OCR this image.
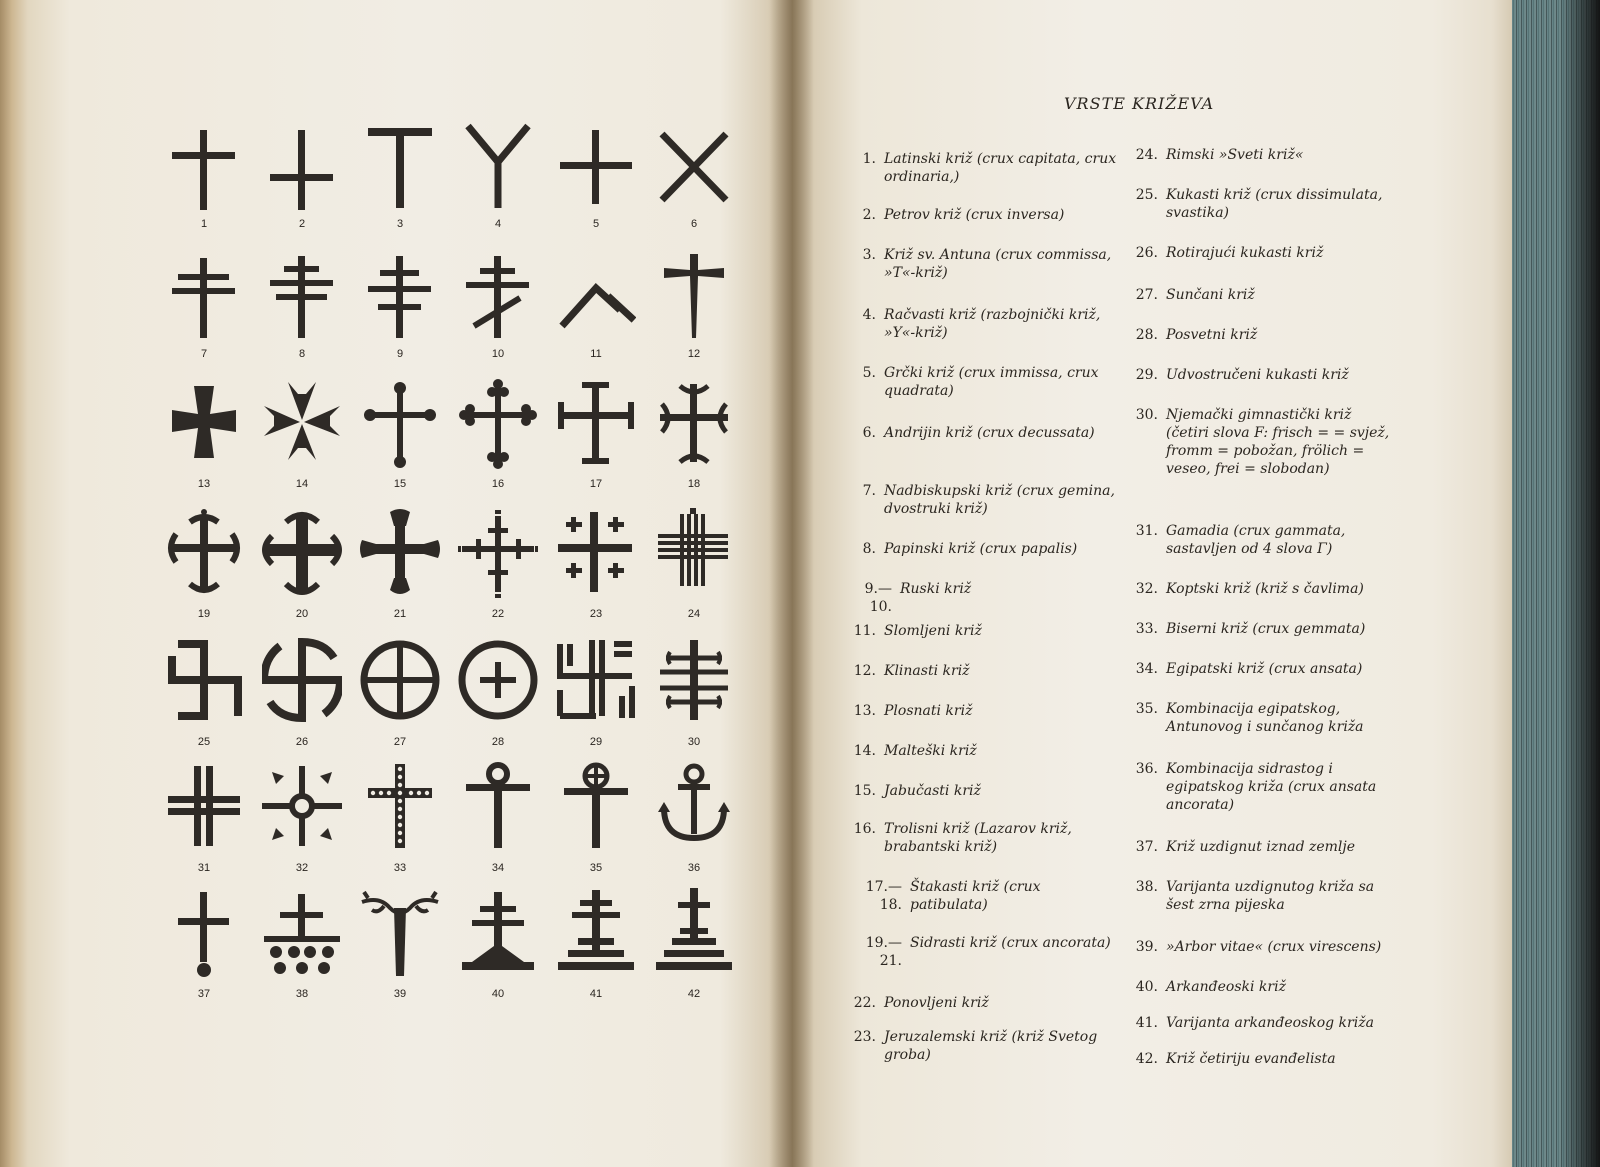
1	2	3	4	5	6
7	8	9	10	11	12
13	14	15	16	17	18
19	20	21	22	23	24
25	26	27	28	29	30
31	32	33	34	35	36
37	38	39	40	41	42
VRSTE KRIŽEVA
1. Latinski križ (crux capitata, crux ordinaria,)
2. Petrov križ (crux inversa)
3. Križ sv. Antuna (crux commissa, »T«-križ)
4. Račvasti križ (razbojnički križ, »Y«-križ)
5. Grčki križ (crux immissa, crux quadrata)
6. Andrijin križ (crux decussata)
7. Nadbiskupski križ (crux gemina, dvostruki križ)
8. Papinski križ (crux papalis)
9.—10.Ruski križ
11. Slomljeni križ
12. Klinasti križ
13. Plosnati križ
14. Malteški križ
15. Jabučasti križ
16. Trolisni križ (Lazarov križ, brabantski križ)
17.—18.Štakasti križ (crux patibulata)
19.—21.Sidrasti križ (crux ancorata)
22. Ponovljeni križ
23. Jeruzalemski križ (križ Svetog groba)
24. Rimski »Sveti križ«
25. Kukasti križ (crux dissimulata, svastika)
26. Rotirajući kukasti križ
27. Sunčani križ
28. Posvetni križ
29. Udvostručeni kukasti križ
30. Njemački gimnastički križ (četiri slova F: frisch = = svjež, fromm = pobožan, frölich = veseo, frei = slobodan)
31. Gamadia (crux gammata, sastavljen od 4 slova Γ)
32. Koptski križ (križ s čavlima)
33. Biserni križ (crux gemmata)
34. Egipatski križ (crux ansata)
35. Kombinacija egipatskog, Antunovog i sunčanog križa
36. Kombinacija sidrastog i egipatskog križa (crux ansata ancorata)
37. Križ uzdignut iznad zemlje
38. Varijanta uzdignutog križa sa šest zrna pijeska
39. »Arbor vitae« (crux virescens)
40. Arkanđeoski križ
41. Varijanta arkanđeoskog križa
42. Križ četiriju evanđelista
